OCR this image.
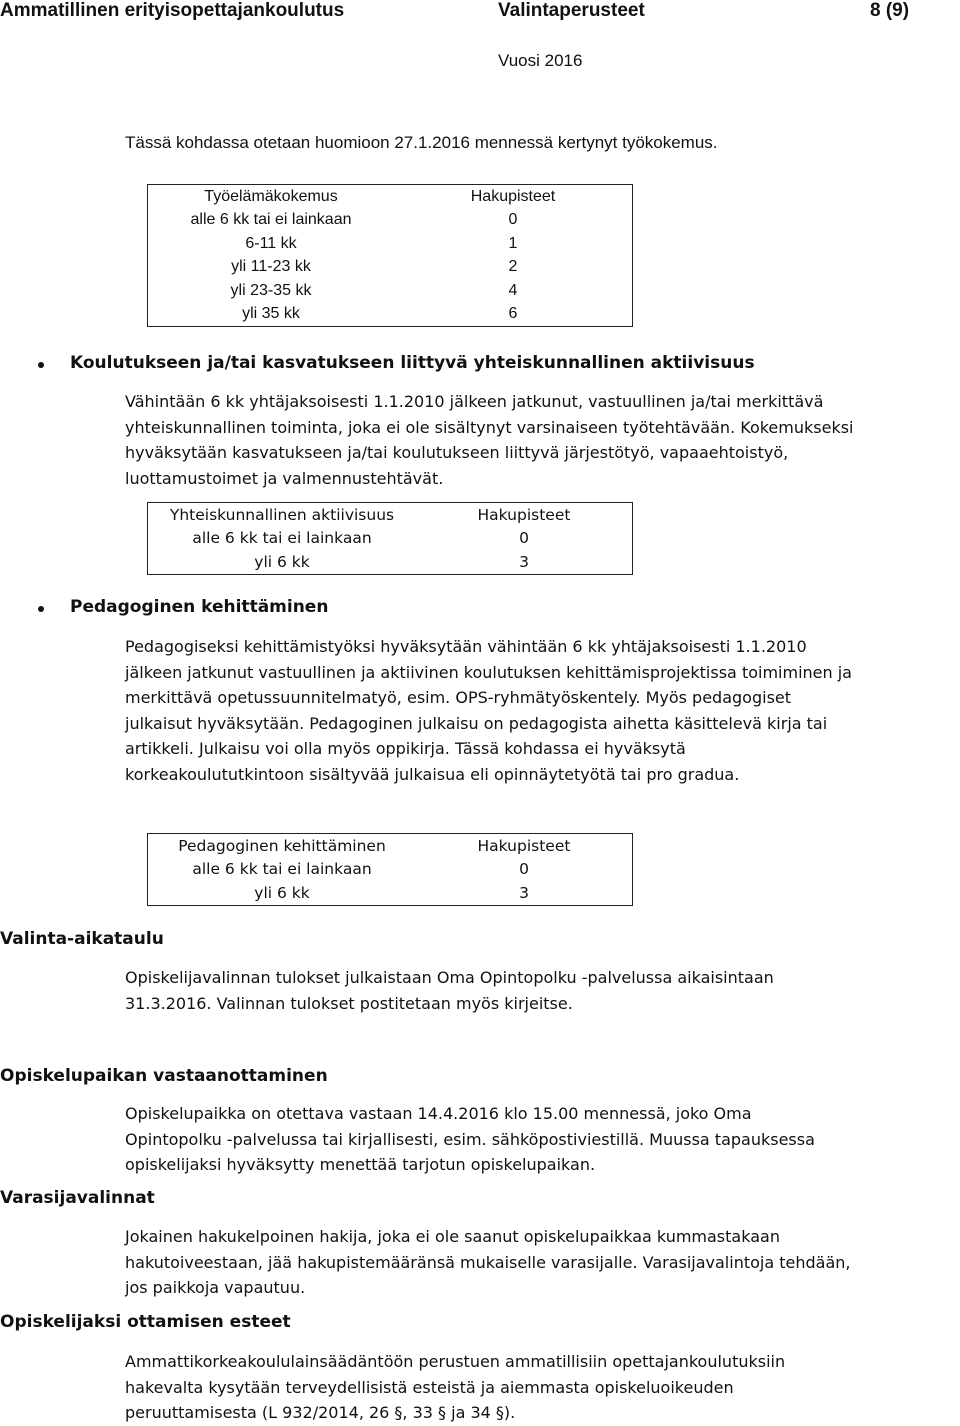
Ammatillinen erityisopettajankoulutus	Valintaperusteet	8 (9)
Vuosi 2016
Tässä kohdassa otetaan huomioon 27.1.2016 mennessä kertynyt työkokemus.
Työelämäkokemus	Hakupisteet
alle 6 kk tai ei lainkaan	0
6-11 kk	1
yli 11-23 kk	2
yli 23-35 kk	4
yli 35 kk	6
Koulutukseen ja/tai kasvatukseen liittyvä yhteiskunnallinen aktiivisuus

Vähintään 6 kk yhtäjaksoisesti 1.1.2010 jälkeen jatkunut, vastuullinen ja/tai merkittävä

yhteiskunnallinen toiminta, joka ei ole sisältynyt varsinaiseen työtehtävään. Kokemukseksi

hyväksytään kasvatukseen ja/tai koulutukseen liittyvä järjestötyö, vapaaehtoistyö,

luottamustoimet ja valmennustehtävät.

Yhteiskunnallinen aktiivisuus	Hakupisteet
alle 6 kk tai ei lainkaan	0
yli 6 kk	3
Pedagoginen kehittäminen

Pedagogiseksi kehittämistyöksi hyväksytään vähintään 6 kk yhtäjaksoisesti 1.1.2010

jälkeen jatkunut vastuullinen ja aktiivinen koulutuksen kehittämisprojektissa toimiminen ja

merkittävä opetussuunnitelmatyö, esim. OPS-ryhmätyöskentely. Myös pedagogiset

julkaisut hyväksytään. Pedagoginen julkaisu on pedagogista aihetta käsittelevä kirja tai

artikkeli. Julkaisu voi olla myös oppikirja. Tässä kohdassa ei hyväksytä

korkeakoulututkintoon sisältyvää julkaisua eli opinnäytetyötä tai pro gradua.

Pedagoginen kehittäminen	Hakupisteet
alle 6 kk tai ei lainkaan	0
yli 6 kk	3
Valinta-aikataulu

Opiskelijavalinnan tulokset julkaistaan Oma Opintopolku -palvelussa aikaisintaan

31.3.2016. Valinnan tulokset postitetaan myös kirjeitse.

Opiskelupaikan vastaanottaminen

Opiskelupaikka on otettava vastaan 14.4.2016 klo 15.00 mennessä, joko Oma

Opintopolku -palvelussa tai kirjallisesti, esim. sähköpostiviestillä. Muussa tapauksessa

opiskelijaksi hyväksytty menettää tarjotun opiskelupaikan.

Varasijavalinnat

Jokainen hakukelpoinen hakija, joka ei ole saanut opiskelupaikkaa kummastakaan

hakutoiveestaan, jää hakupistemääränsä mukaiselle varasijalle. Varasijavalintoja tehdään,

jos paikkoja vapautuu.

Opiskelijaksi ottamisen esteet

Ammattikorkeakoululainsäädäntöön perustuen ammatillisiin opettajankoulutuksiin

hakevalta kysytään terveydellisistä esteistä ja aiemmasta opiskeluoikeuden

peruuttamisesta (L 932/2014, 26 §, 33 § ja 34 §).
